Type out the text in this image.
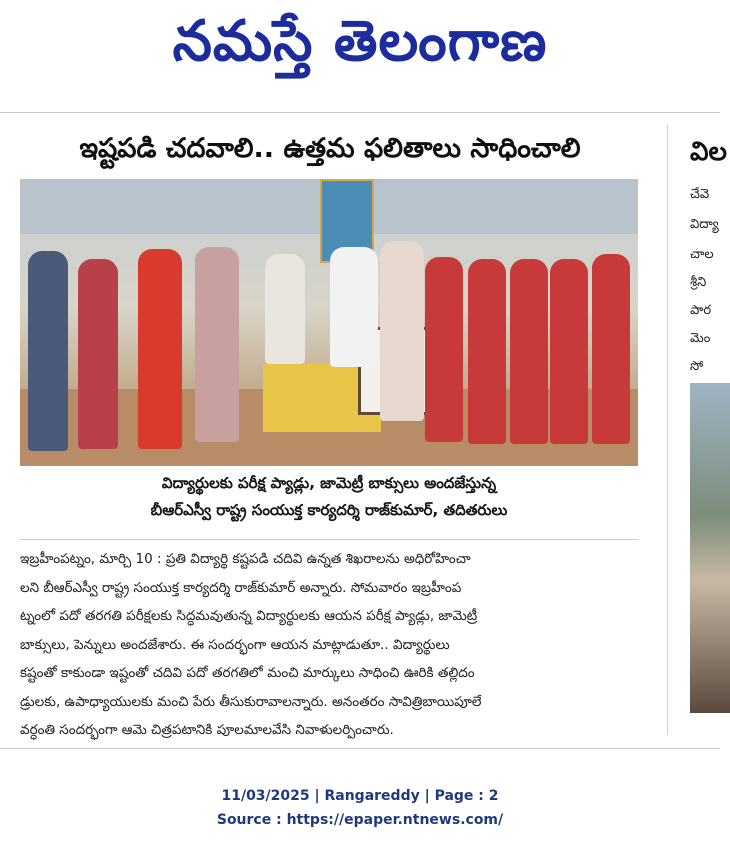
నమస్తే తెలంగాణ
ఇష్టపడి చదవాలి.. ఉత్తమ ఫలితాలు సాధించాలి
విద్యార్థులకు పరీక్ష ప్యాడ్లు, జామెట్రీ బాక్సులు అందజేస్తున్న
బీఆర్ఎస్వీ రాష్ట్ర సంయుక్త కార్యదర్శి రాజ్‌కుమార్, తదితరులు
ఇబ్రహీంపట్నం, మార్చి 10 : ప్రతి విద్యార్థి కష్టపడి చదివి ఉన్నత శిఖరాలను అధిరోహించా
లని బీఆర్ఎస్వీ రాష్ట్ర సంయుక్త కార్యదర్శి రాజ్‌కుమార్ అన్నారు. సోమవారం ఇబ్రహీంప
ట్నంలో పదో తరగతి పరీక్షలకు సిద్ధమవుతున్న విద్యార్థులకు ఆయన పరీక్ష ప్యాడ్లు, జామెట్రీ
బాక్సులు, పెన్నులు అందజేశారు. ఈ సందర్భంగా ఆయన మాట్లాడుతూ.. విద్యార్థులు
కష్టంతో కాకుండా ఇష్టంతో చదివి పదో తరగతిలో మంచి మార్కులు సాధించి ఊరికి తల్లిదం
డ్రులకు, ఉపాధ్యాయులకు మంచి పేరు తీసుకురావాలన్నారు. అనంతరం సావిత్రిబాయిపూలే
వర్ధంతి సందర్భంగా ఆమె చిత్రపటానికి పూలమాలవేసి నివాళులర్పించారు.
విల
చేవె
విద్యా
చాల
శ్రీని
పార
మెం
సో
11/03/2025 | Rangareddy | Page : 2
Source : https://epaper.ntnews.com/
